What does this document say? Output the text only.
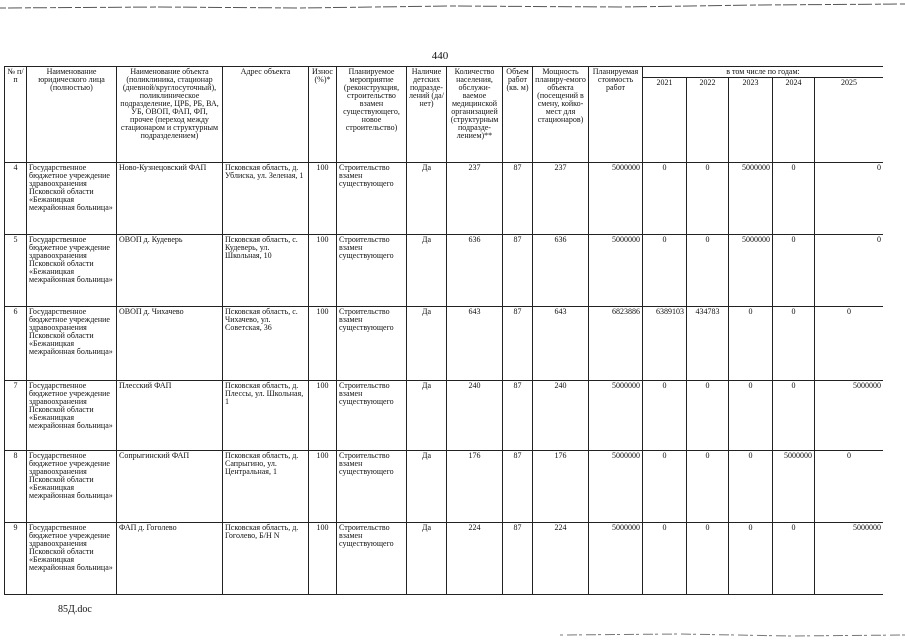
440
№ п/п	Наименование юридического лица (полностью)	Наименование объекта (поликлиника, стационар (дневной/круглосуточный), поликлиническое подразделение, ЦРБ, РБ, ВА, УБ, ОВОП, ФАП, ФП, прочее (переход между стационаром и структурным подразделением)	Адрес объекта	Износ (%)*	Планируемое мероприятие (реконструкция, строительство взамен существующего, новое строительство)	Наличие детских подразде-лений (да/нет)	Количество населения, обслужи-ваемое медицинской организацией (структурным подразде-лением)**	Объем работ (кв. м)	Мощность планиру-емого объекта (посещений в смену, койко-мест для стационаров)	Планируемая стоимость работ	в том числе по годам:				
											2021	2022	2023	2024	2025
4	Государственное бюджетное учреждение здравоохранения Псковской области «Бежаницкая межрайонная больница»	Ново-Кузнецовский ФАП	Псковская область, д. Ублиска, ул. Зеленая, 1	100	Строительство взамен существующего	Да	237	87	237	5000000	0	0	5000000	0	0
5	Государственное бюджетное учреждение здравоохранения Псковской области «Бежаницкая межрайонная больница»	ОВОП д. Кудеверь	Псковская область, с. Кудеверь, ул. Школьная, 10	100	Строительство взамен существующего	Да	636	87	636	5000000	0	0	5000000	0	0
6	Государственное бюджетное учреждение здравоохранения Псковской области «Бежаницкая межрайонная больница»	ОВОП д. Чихачево	Псковская область, с. Чихачево, ул. Советская, 36	100	Строительство взамен существующего	Да	643	87	643	6823886	6389103	434783	0	0	0
7	Государственное бюджетное учреждение здравоохранения Псковской области «Бежаницкая межрайонная больница»	Плесский ФАП	Псковская область, д. Плессы, ул. Школьная, 1	100	Строительство взамен существующего	Да	240	87	240	5000000	0	0	0	0	5000000
8	Государственное бюджетное учреждение здравоохранения Псковской области «Бежаницкая межрайонная больница»	Сопрыгинский ФАП	Псковская область, д. Сапрыгино, ул. Центральная, 1	100	Строительство взамен существующего	Да	176	87	176	5000000	0	0	0	5000000	0
9	Государственное бюджетное учреждение здравоохранения Псковской области «Бежаницкая межрайонная больница»	ФАП д. Гоголево	Псковская область, д. Гоголево, Б/Н N	100	Строительство взамен существующего	Да	224	87	224	5000000	0	0	0	0	5000000
85Д.doc
